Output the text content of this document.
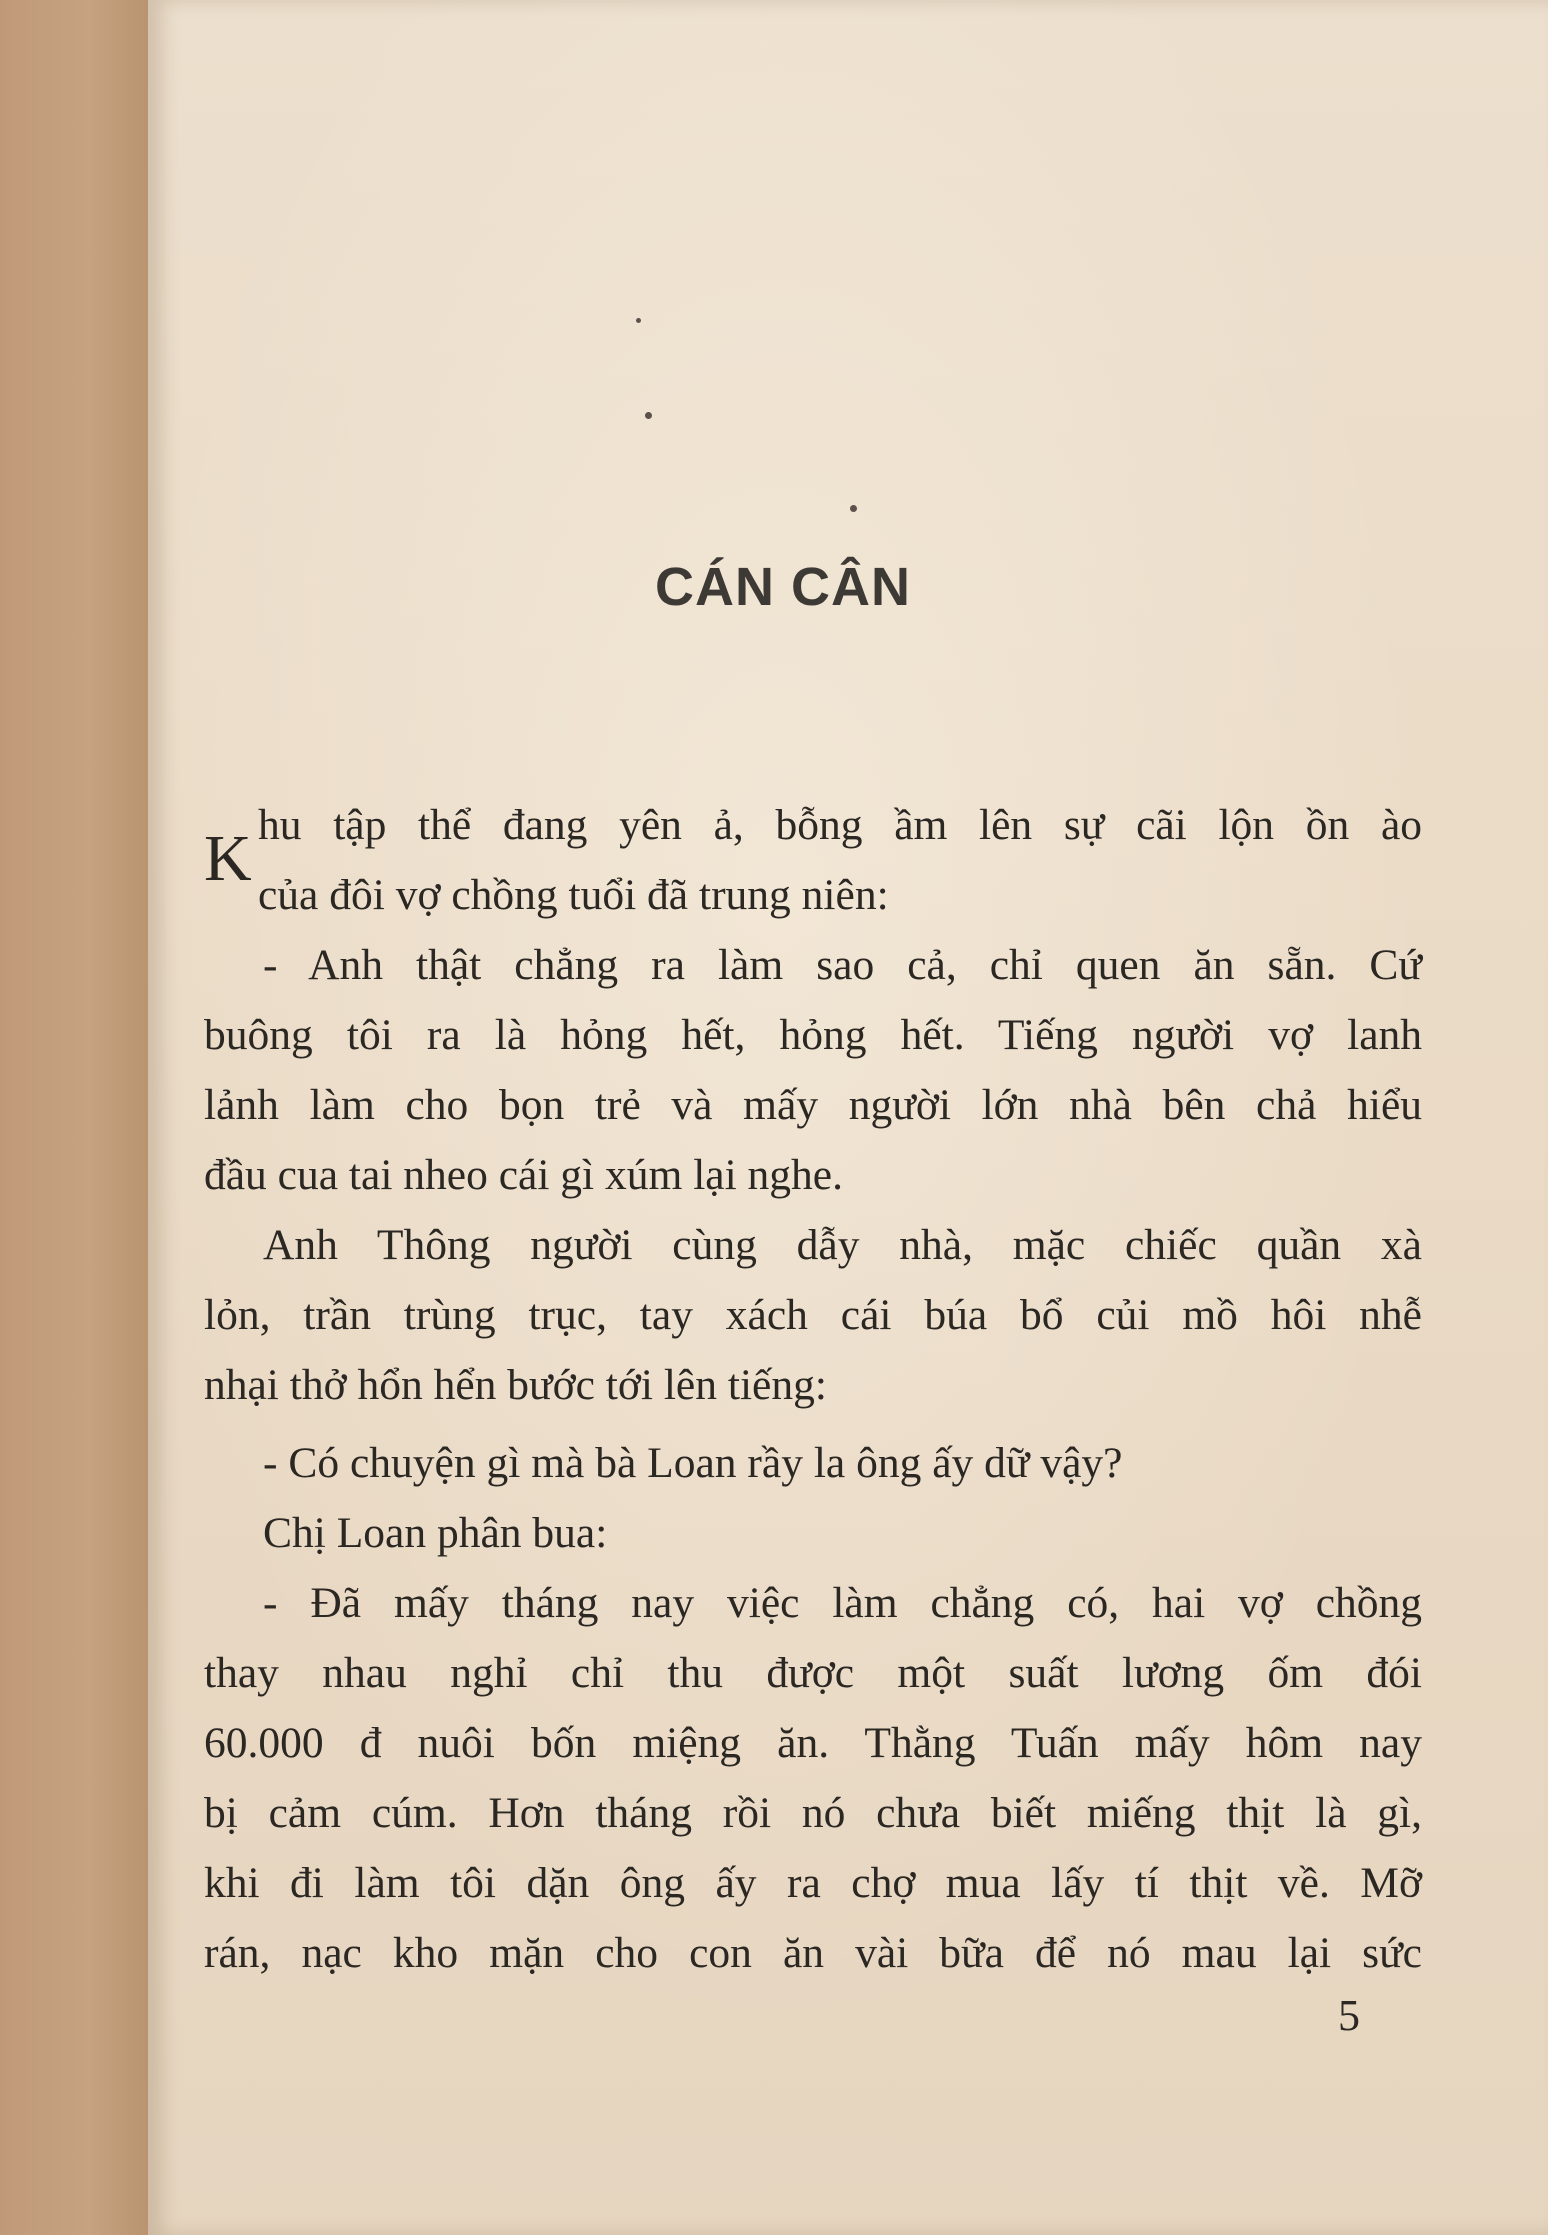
CÁN CÂN
K hu tập thể đang yên ả, bỗng ầm lên sự cãi lộn ồn ào
của đôi vợ chồng tuổi đã trung niên:
- Anh thật chẳng ra làm sao cả, chỉ quen ăn sẵn. Cứ
buông tôi ra là hỏng hết, hỏng hết. Tiếng người vợ lanh
lảnh làm cho bọn trẻ và mấy người lớn nhà bên chả hiểu
đầu cua tai nheo cái gì xúm lại nghe.
Anh Thông người cùng dẫy nhà, mặc chiếc quần xà
lỏn, trần trùng trục, tay xách cái búa bổ củi mồ hôi nhễ
nhại thở hổn hển bước tới lên tiếng:
- Có chuyện gì mà bà Loan rầy la ông ấy dữ vậy?
Chị Loan phân bua:
- Đã mấy tháng nay việc làm chẳng có, hai vợ chồng
thay nhau nghỉ chỉ thu được một suất lương ốm đói
60.000 đ nuôi bốn miệng ăn. Thằng Tuấn mấy hôm nay
bị cảm cúm. Hơn tháng rồi nó chưa biết miếng thịt là gì,
khi đi làm tôi dặn ông ấy ra chợ mua lấy tí thịt về. Mỡ
rán, nạc kho mặn cho con ăn vài bữa để nó mau lại sức
5
